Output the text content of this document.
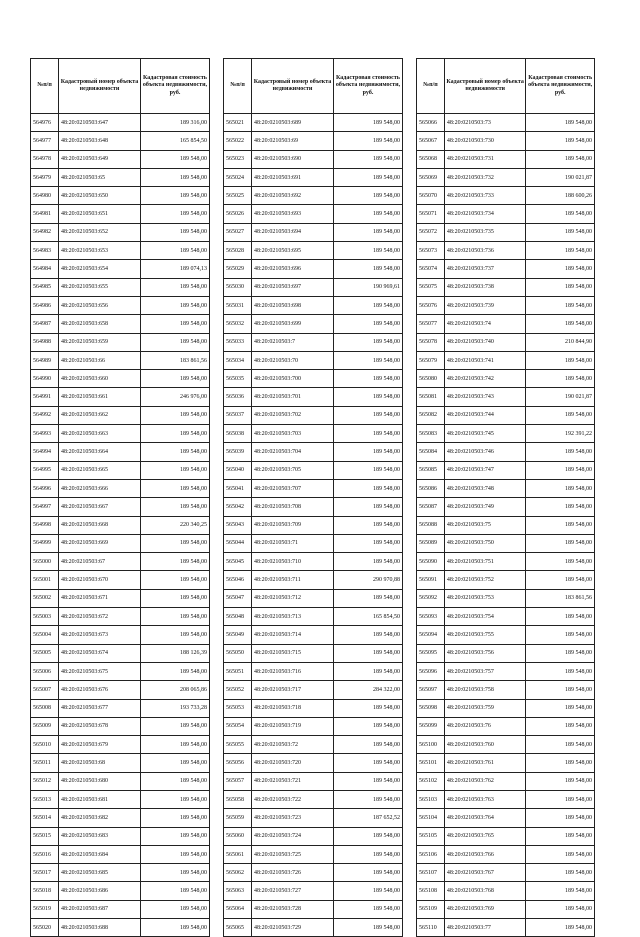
№п/п	Кадастровый номер объекта недвижимости	Кадастровая стоимость объекта недвижимости, руб.
564976	48:20:0210503:647	189 316,00
564977	48:20:0210503:648	165 854,50
564978	48:20:0210503:649	189 548,00
564979	48:20:0210503:65	189 548,00
564980	48:20:0210503:650	189 548,00
564981	48:20:0210503:651	189 548,00
564982	48:20:0210503:652	189 548,00
564983	48:20:0210503:653	189 548,00
564984	48:20:0210503:654	189 074,13
564985	48:20:0210503:655	189 548,00
564986	48:20:0210503:656	189 548,00
564987	48:20:0210503:658	189 548,00
564988	48:20:0210503:659	189 548,00
564989	48:20:0210503:66	183 861,56
564990	48:20:0210503:660	189 548,00
564991	48:20:0210503:661	246 976,00
564992	48:20:0210503:662	189 548,00
564993	48:20:0210503:663	189 548,00
564994	48:20:0210503:664	189 548,00
564995	48:20:0210503:665	189 548,00
564996	48:20:0210503:666	189 548,00
564997	48:20:0210503:667	189 548,00
564998	48:20:0210503:668	220 340,25
564999	48:20:0210503:669	189 548,00
565000	48:20:0210503:67	189 548,00
565001	48:20:0210503:670	189 548,00
565002	48:20:0210503:671	189 548,00
565003	48:20:0210503:672	189 548,00
565004	48:20:0210503:673	189 548,00
565005	48:20:0210503:674	188 126,39
565006	48:20:0210503:675	189 548,00
565007	48:20:0210503:676	208 065,86
565008	48:20:0210503:677	193 733,28
565009	48:20:0210503:678	189 548,00
565010	48:20:0210503:679	189 548,00
565011	48:20:0210503:68	189 548,00
565012	48:20:0210503:680	189 548,00
565013	48:20:0210503:681	189 548,00
565014	48:20:0210503:682	189 548,00
565015	48:20:0210503:683	189 548,00
565016	48:20:0210503:684	189 548,00
565017	48:20:0210503:685	189 548,00
565018	48:20:0210503:686	189 548,00
565019	48:20:0210503:687	189 548,00
565020	48:20:0210503:688	189 548,00
№п/п	Кадастровый номер объекта недвижимости	Кадастровая стоимость объекта недвижимости, руб.
565021	48:20:0210503:689	189 548,00
565022	48:20:0210503:69	189 548,00
565023	48:20:0210503:690	189 548,00
565024	48:20:0210503:691	189 548,00
565025	48:20:0210503:692	189 548,00
565026	48:20:0210503:693	189 548,00
565027	48:20:0210503:694	189 548,00
565028	48:20:0210503:695	189 548,00
565029	48:20:0210503:696	189 548,00
565030	48:20:0210503:697	190 969,61
565031	48:20:0210503:698	189 548,00
565032	48:20:0210503:699	189 548,00
565033	48:20:0210503:7	189 548,00
565034	48:20:0210503:70	189 548,00
565035	48:20:0210503:700	189 548,00
565036	48:20:0210503:701	189 548,00
565037	48:20:0210503:702	189 548,00
565038	48:20:0210503:703	189 548,00
565039	48:20:0210503:704	189 548,00
565040	48:20:0210503:705	189 548,00
565041	48:20:0210503:707	189 548,00
565042	48:20:0210503:708	189 548,00
565043	48:20:0210503:709	189 548,00
565044	48:20:0210503:71	189 548,00
565045	48:20:0210503:710	189 548,00
565046	48:20:0210503:711	290 970,88
565047	48:20:0210503:712	189 548,00
565048	48:20:0210503:713	165 854,50
565049	48:20:0210503:714	189 548,00
565050	48:20:0210503:715	189 548,00
565051	48:20:0210503:716	189 548,00
565052	48:20:0210503:717	284 322,00
565053	48:20:0210503:718	189 548,00
565054	48:20:0210503:719	189 548,00
565055	48:20:0210503:72	189 548,00
565056	48:20:0210503:720	189 548,00
565057	48:20:0210503:721	189 548,00
565058	48:20:0210503:722	189 548,00
565059	48:20:0210503:723	187 652,52
565060	48:20:0210503:724	189 548,00
565061	48:20:0210503:725	189 548,00
565062	48:20:0210503:726	189 548,00
565063	48:20:0210503:727	189 548,00
565064	48:20:0210503:728	189 548,00
565065	48:20:0210503:729	189 548,00
№п/п	Кадастровый номер объекта недвижимости	Кадастровая стоимость объекта недвижимости, руб.
565066	48:20:0210503:73	189 548,00
565067	48:20:0210503:730	189 548,00
565068	48:20:0210503:731	189 548,00
565069	48:20:0210503:732	190 021,87
565070	48:20:0210503:733	188 600,26
565071	48:20:0210503:734	189 548,00
565072	48:20:0210503:735	189 548,00
565073	48:20:0210503:736	189 548,00
565074	48:20:0210503:737	189 548,00
565075	48:20:0210503:738	189 548,00
565076	48:20:0210503:739	189 548,00
565077	48:20:0210503:74	189 548,00
565078	48:20:0210503:740	210 844,90
565079	48:20:0210503:741	189 548,00
565080	48:20:0210503:742	189 548,00
565081	48:20:0210503:743	190 021,87
565082	48:20:0210503:744	189 548,00
565083	48:20:0210503:745	192 391,22
565084	48:20:0210503:746	189 548,00
565085	48:20:0210503:747	189 548,00
565086	48:20:0210503:748	189 548,00
565087	48:20:0210503:749	189 548,00
565088	48:20:0210503:75	189 548,00
565089	48:20:0210503:750	189 548,00
565090	48:20:0210503:751	189 548,00
565091	48:20:0210503:752	189 548,00
565092	48:20:0210503:753	183 861,56
565093	48:20:0210503:754	189 548,00
565094	48:20:0210503:755	189 548,00
565095	48:20:0210503:756	189 548,00
565096	48:20:0210503:757	189 548,00
565097	48:20:0210503:758	189 548,00
565098	48:20:0210503:759	189 548,00
565099	48:20:0210503:76	189 548,00
565100	48:20:0210503:760	189 548,00
565101	48:20:0210503:761	189 548,00
565102	48:20:0210503:762	189 548,00
565103	48:20:0210503:763	189 548,00
565104	48:20:0210503:764	189 548,00
565105	48:20:0210503:765	189 548,00
565106	48:20:0210503:766	189 548,00
565107	48:20:0210503:767	189 548,00
565108	48:20:0210503:768	189 548,00
565109	48:20:0210503:769	189 548,00
565110	48:20:0210503:77	189 548,00
